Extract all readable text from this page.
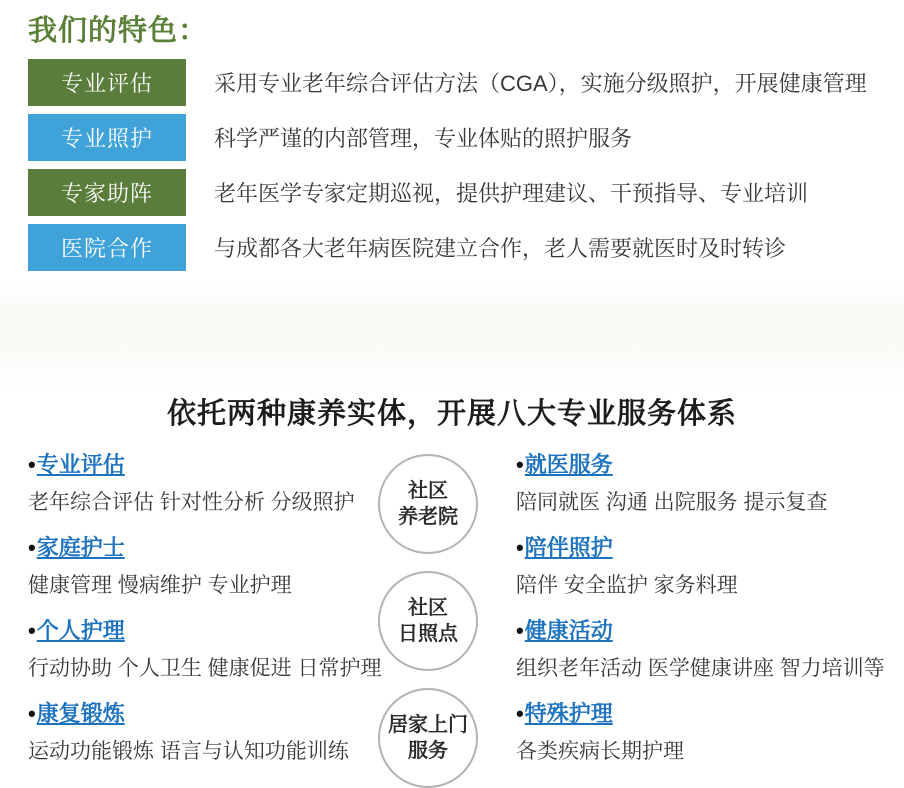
我们的特色：
专业评估	采用专业老年综合评估方法（CGA），实施分级照护，开展健康管理
专业照护	科学严谨的内部管理，专业体贴的照护服务
专家助阵	老年医学专家定期巡视，提供护理建议、干预指导、专业培训
医院合作	与成都各大老年病医院建立合作，老人需要就医时及时转诊
依托两种康养实体，开展八大专业服务体系
•专业评估
老年综合评估 针对性分析 分级照护
•家庭护士
健康管理 慢病维护 专业护理
•个人护理
行动协助 个人卫生 健康促进 日常护理
•康复锻炼
运动功能锻炼 语言与认知功能训练
社区
养老院
社区
日照点
居家上门
服务
•就医服务
陪同就医 沟通 出院服务 提示复查
•陪伴照护
陪伴 安全监护 家务料理
•健康活动
组织老年活动 医学健康讲座 智力培训等
•特殊护理
各类疾病长期护理
